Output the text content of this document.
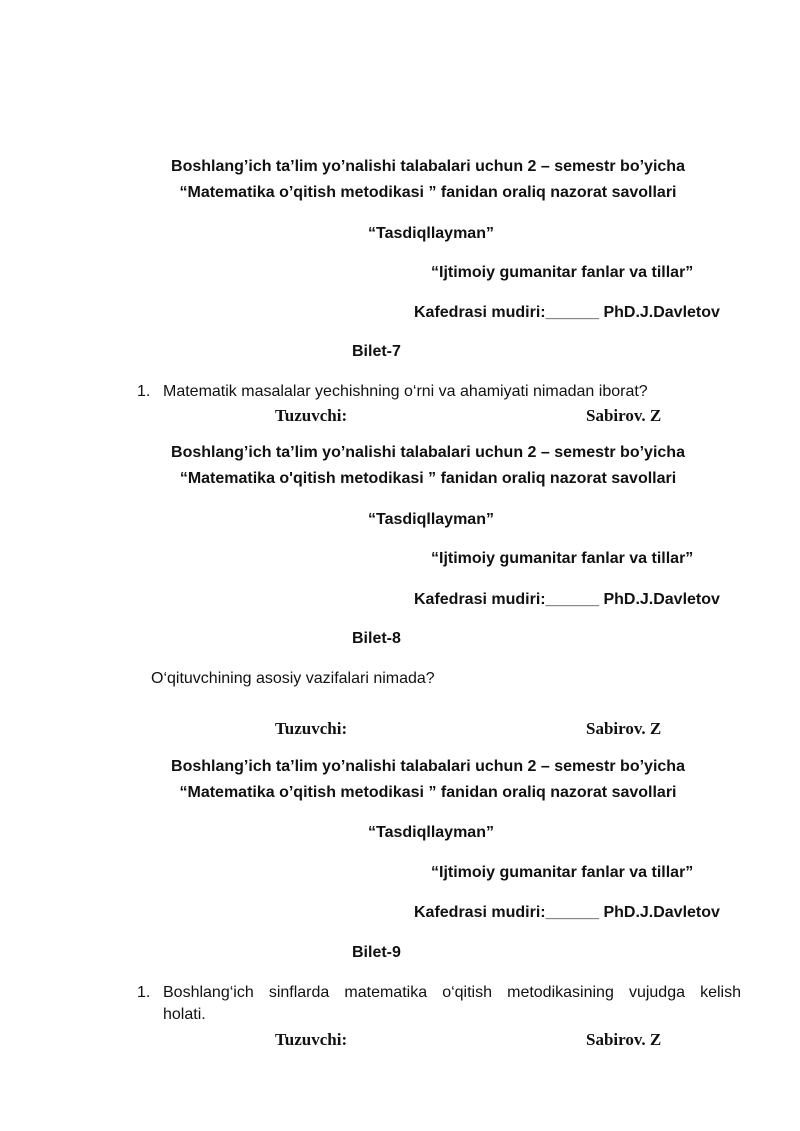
Boshlang’ich ta’lim yo’nalishi talabalari uchun 2 – semestr bo’yicha
“Matematika o’qitish metodikasi ” fanidan oraliq nazorat savollari
“Tasdiqllayman”
“Ijtimoiy gumanitar fanlar va tillar”
Kafedrasi mudiri:______ PhD.J.Davletov
Bilet-7
1. Matematik masalalar yechishning o‘rni va ahamiyati nimadan iborat?
Tuzuvchi:	Sabirov. Z
Boshlang’ich ta’lim yo’nalishi talabalari uchun 2 – semestr bo’yicha
“Matematika o'qitish metodikasi ” fanidan oraliq nazorat savollari
“Tasdiqllayman”
“Ijtimoiy gumanitar fanlar va tillar”
Kafedrasi mudiri:______ PhD.J.Davletov
Bilet-8
O‘qituvchining asosiy vazifalari nimada?
Tuzuvchi:	Sabirov. Z
Boshlang’ich ta’lim yo’nalishi talabalari uchun 2 – semestr bo’yicha
“Matematika o’qitish metodikasi ” fanidan oraliq nazorat savollari
“Tasdiqllayman”
“Ijtimoiy gumanitar fanlar va tillar”
Kafedrasi mudiri:______ PhD.J.Davletov
Bilet-9
1. Boshlang‘ich  sinflarda  matematika  o‘qitish  metodikasining  vujudga  kelish
holati.
Tuzuvchi:	Sabirov. Z
